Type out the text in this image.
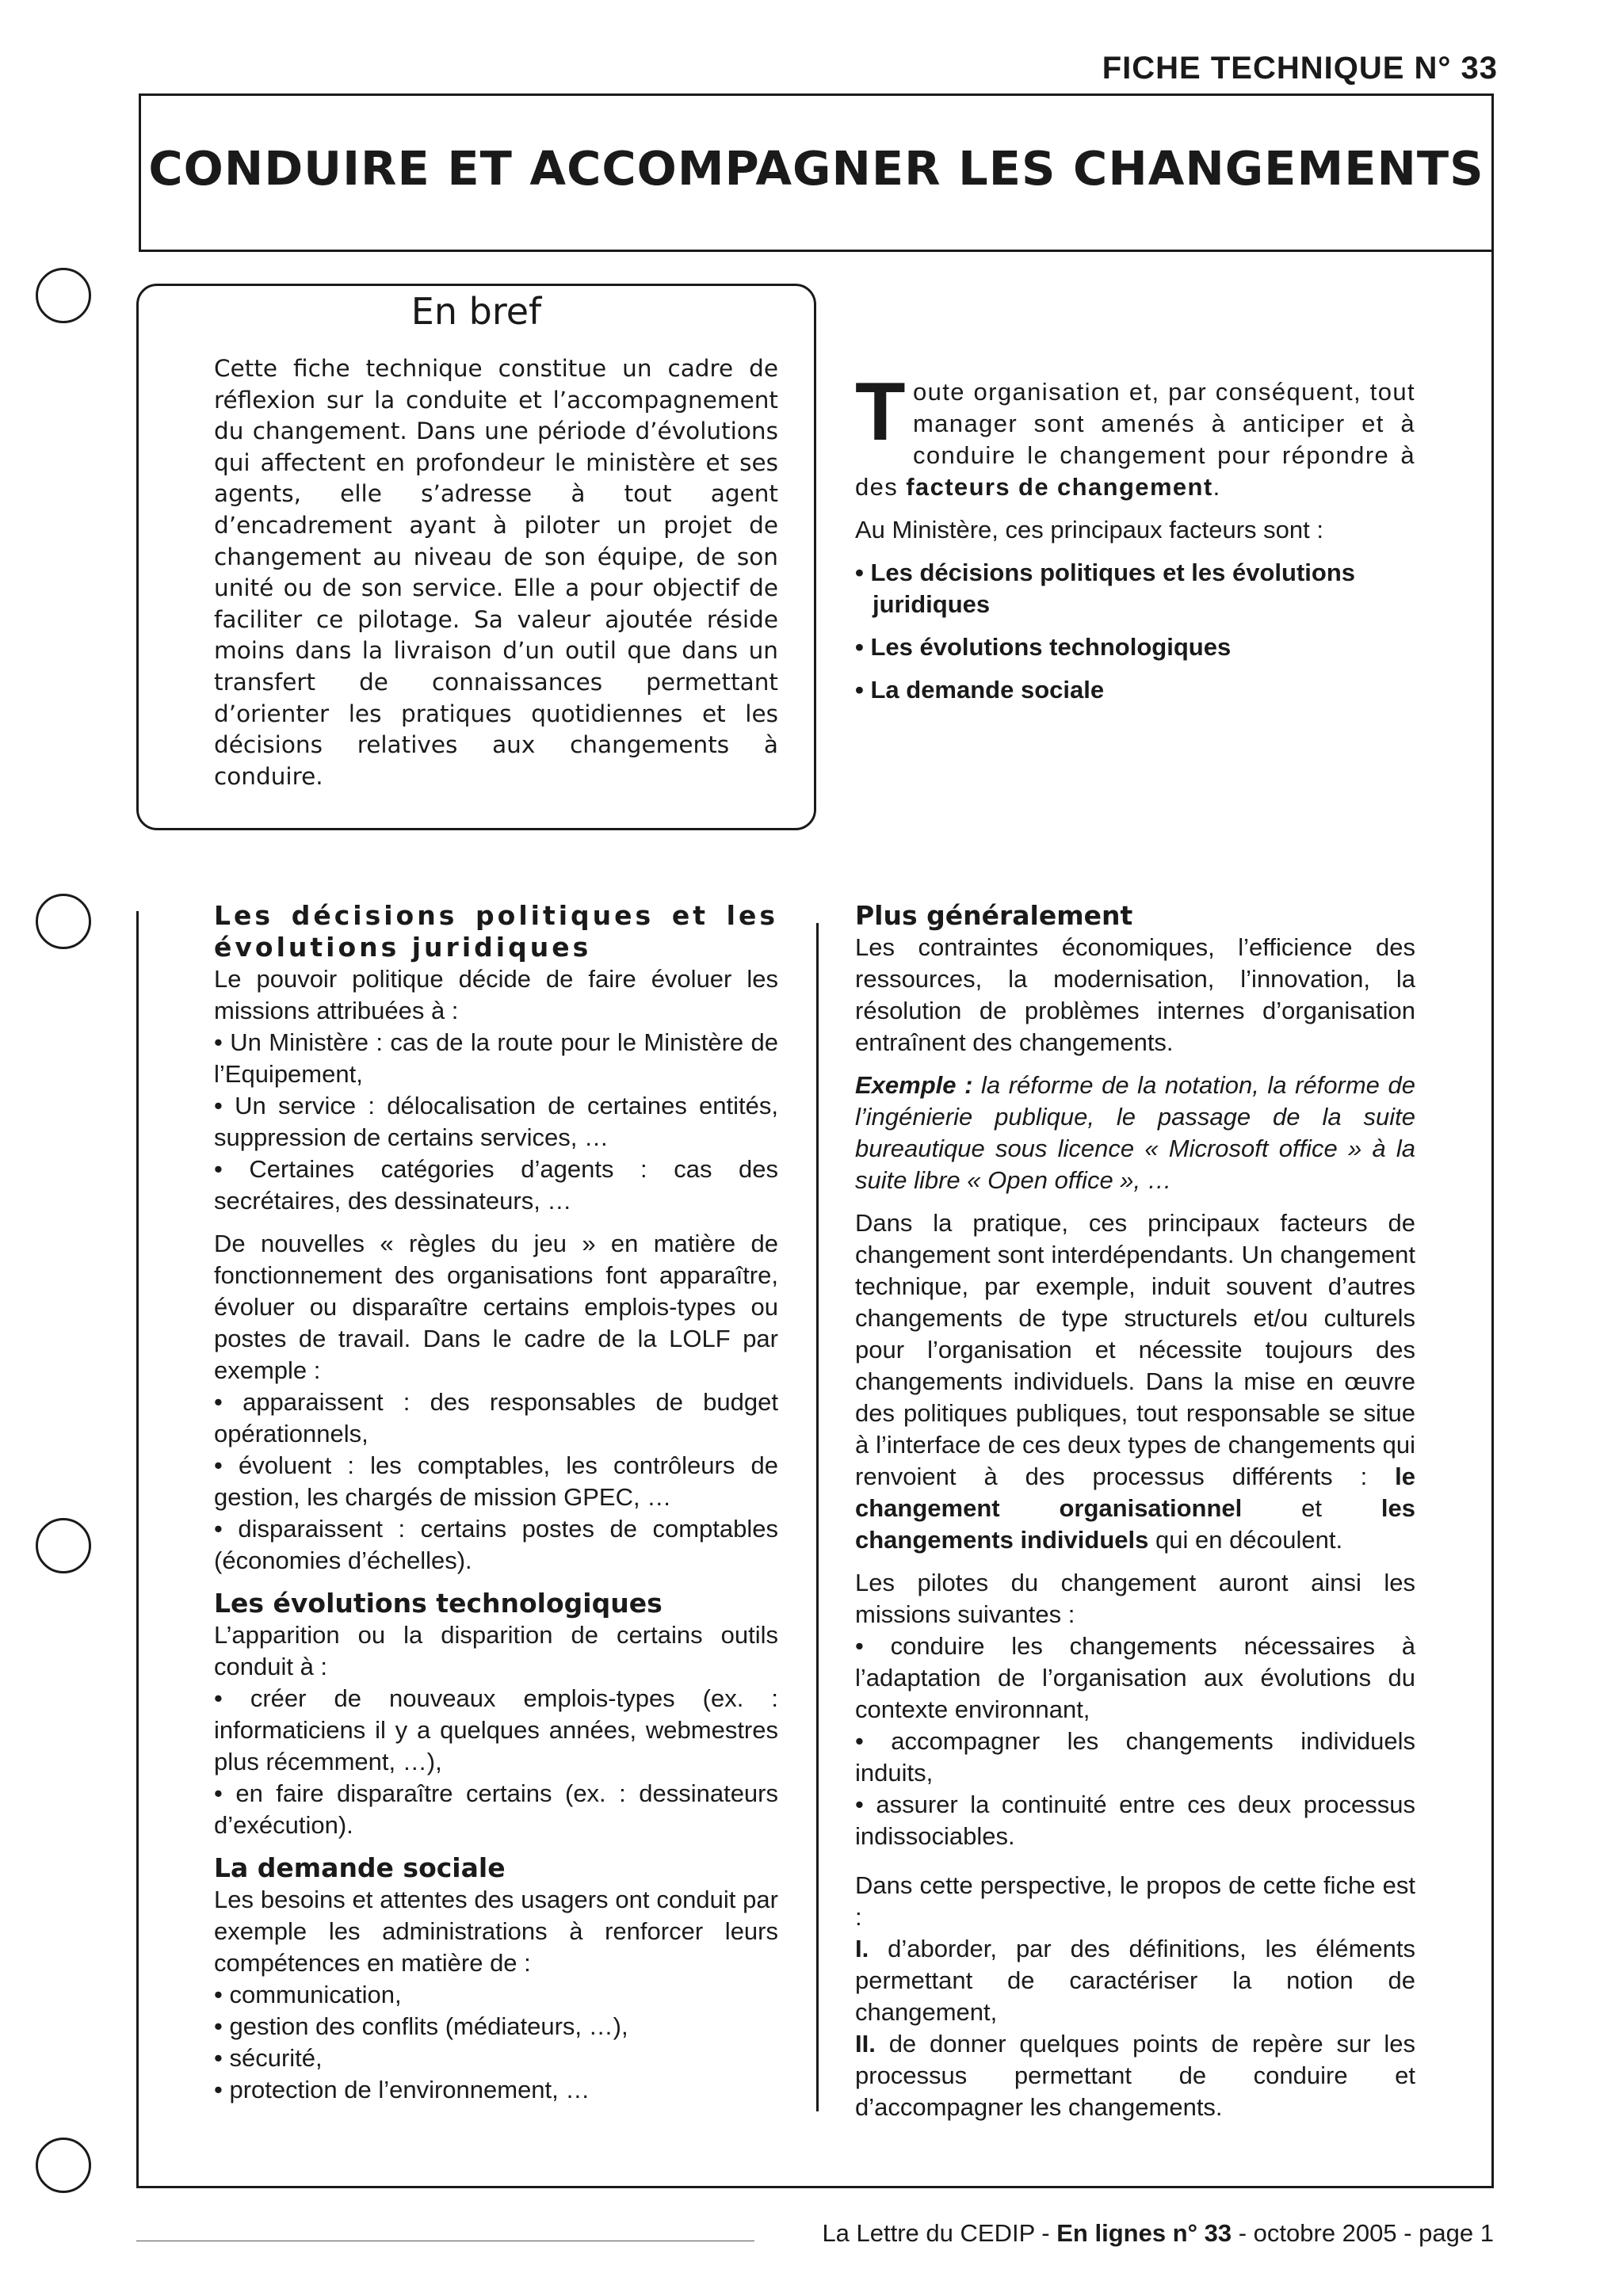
FICHE TECHNIQUE N° 33
CONDUIRE ET ACCOMPAGNER LES CHANGEMENTS
En bref
Cette fiche technique constitue un cadre de réflexion sur la conduite et l’accompagnement du changement. Dans une période d’évolutions qui affectent en profondeur le ministère et ses agents, elle s’adresse à tout agent d’encadrement ayant à piloter un projet de changement au niveau de son équipe, de son unité ou de son service. Elle a pour objectif de faciliter ce pilotage. Sa valeur ajoutée réside moins dans la livraison d’un outil que dans un transfert de connaissances permettant d’orienter les pratiques quotidiennes et les décisions relatives aux changements à conduire.

Toute organisation et, par conséquent, tout manager sont amenés à anticiper et à conduire le changement pour répondre à des facteurs de changement.

Au Ministère, ces principaux facteurs sont :

• Les décisions politiques et les évolutions juridiques

• Les évolutions technologiques

• La demande sociale

Les décisions politiques et les évolutions juridiques

Le pouvoir politique décide de faire évoluer les missions attribuées à :

• Un Ministère : cas de la route pour le Ministère de l’Equipement,

• Un service : délocalisation de certaines entités, suppression de certains services, …

• Certaines catégories d’agents : cas des secrétaires, des dessinateurs, …

De nouvelles « règles du jeu » en matière de fonctionnement des organisations font apparaître, évoluer ou disparaître certains emplois-types ou postes de travail. Dans le cadre de la LOLF par exemple :

• apparaissent : des responsables de budget opérationnels,

• évoluent : les comptables, les contrôleurs de gestion, les chargés de mission GPEC, …

• disparaissent : certains postes de comptables (économies d’échelles).

Les évolutions technologiques

L’apparition ou la disparition de certains outils conduit à :

• créer de nouveaux emplois-types (ex. : informaticiens il y a quelques années, webmestres plus récemment, …),

• en faire disparaître certains (ex. : dessinateurs d’exécution).

La demande sociale

Les besoins et attentes des usagers ont conduit par exemple les administrations à renforcer leurs compétences en matière de :

• communication,

• gestion des conflits (médiateurs, …),

• sécurité,

• protection de l’environnement, …

Plus généralement

Les contraintes économiques, l’efficience des ressources, la modernisation, l’innovation, la résolution de problèmes internes d’organisation entraînent des changements.

Exemple : la réforme de la notation, la réforme de l’ingénierie publique, le passage de la suite bureautique sous licence « Microsoft office » à la suite libre « Open office », …

Dans la pratique, ces principaux facteurs de changement sont interdépendants. Un changement technique, par exemple, induit souvent d’autres changements de type structurels et/ou culturels pour l’organisation et nécessite toujours des changements individuels. Dans la mise en œuvre des politiques publiques, tout responsable se situe à l’interface de ces deux types de changements qui renvoient à des processus différents : le changement organisationnel et les changements individuels qui en découlent.

Les pilotes du changement auront ainsi les missions suivantes :

• conduire les changements nécessaires à l’adaptation de l’organisation aux évolutions du contexte environnant,

• accompagner les changements individuels induits,

• assurer la continuité entre ces deux processus indissociables.

Dans cette perspective, le propos de cette fiche est :

I. d’aborder, par des définitions, les éléments permettant de caractériser la notion de changement,

II. de donner quelques points de repère sur les processus permettant de conduire et d’accompagner les changements.

La Lettre du CEDIP - En lignes n° 33 - octobre 2005 - page 1
